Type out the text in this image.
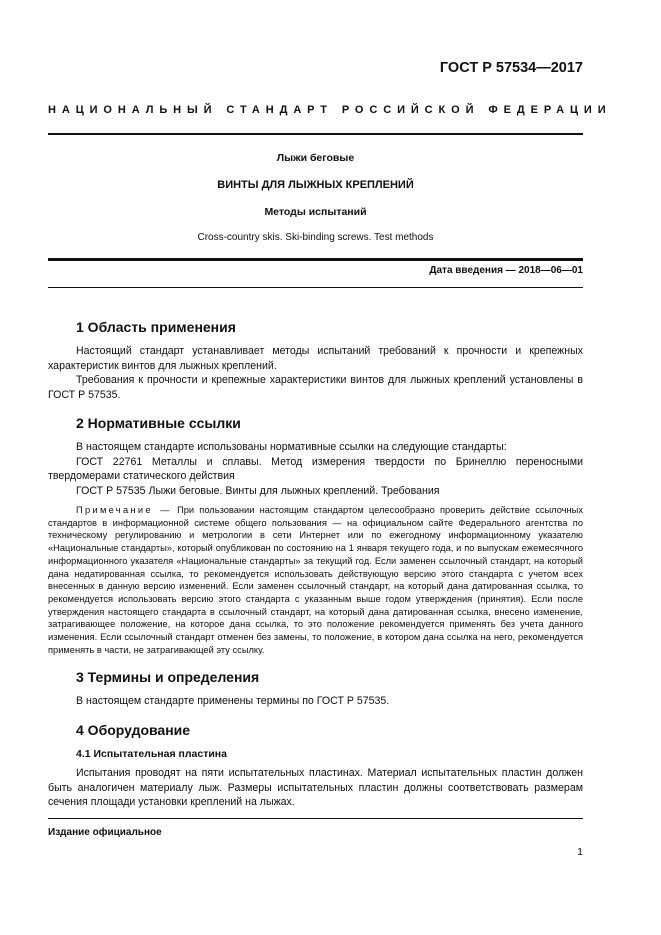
ГОСТ Р 57534—2017
НАЦИОНАЛЬНЫЙ СТАНДАРТ РОССИЙСКОЙ ФЕДЕРАЦИИ
Лыжи беговые
ВИНТЫ ДЛЯ ЛЫЖНЫХ КРЕПЛЕНИЙ
Методы испытаний
Cross-country skis. Ski-binding screws. Test methods
Дата введения — 2018—06—01
1 Область применения

Настоящий стандарт устанавливает методы испытаний требований к прочности и крепежных характеристик винтов для лыжных креплений.

Требования к прочности и крепежные характеристики винтов для лыжных креплений установлены в ГОСТ Р 57535.

2 Нормативные ссылки

В настоящем стандарте использованы нормативные ссылки на следующие стандарты:

ГОСТ 22761 Металлы и сплавы. Метод измерения твердости по Бринеллю переносными твердомерами статического действия

ГОСТ Р 57535 Лыжи беговые. Винты для лыжных креплений. Требования

Примечание — При пользовании настоящим стандартом целесообразно проверить действие ссылочных стандартов в информационной системе общего пользования — на официальном сайте Федерального агентства по техническому регулированию и метрологии в сети Интернет или по ежегодному информационному указателю «Национальные стандарты», который опубликован по состоянию на 1 января текущего года, и по выпускам ежемесячного информационного указателя «Национальные стандарты» за текущий год. Если заменен ссылочный стандарт, на который дана недатированная ссылка, то рекомендуется использовать действующую версию этого стандарта с учетом всех внесенных в данную версию изменений. Если заменен ссылочный стандарт, на который дана датированная ссылка, то рекомендуется использовать версию этого стандарта с указанным выше годом утверждения (принятия). Если после утверждения настоящего стандарта в ссылочный стандарт, на который дана датированная ссылка, внесено изменение, затрагивающее положение, на которое дана ссылка, то это положение рекомендуется применять без учета данного изменения. Если ссылочный стандарт отменен без замены, то положение, в котором дана ссылка на него, рекомендуется применять в части, не затрагивающей эту ссылку.

3 Термины и определения

В настоящем стандарте применены термины по ГОСТ Р 57535.

4 Оборудование
4.1 Испытательная пластина

Испытания проводят на пяти испытательных пластинах. Материал испытательных пластин должен быть аналогичен материалу лыж. Размеры испытательных пластин должны соответствовать размерам сечения площади установки креплений на лыжах.

Издание официальное
1
